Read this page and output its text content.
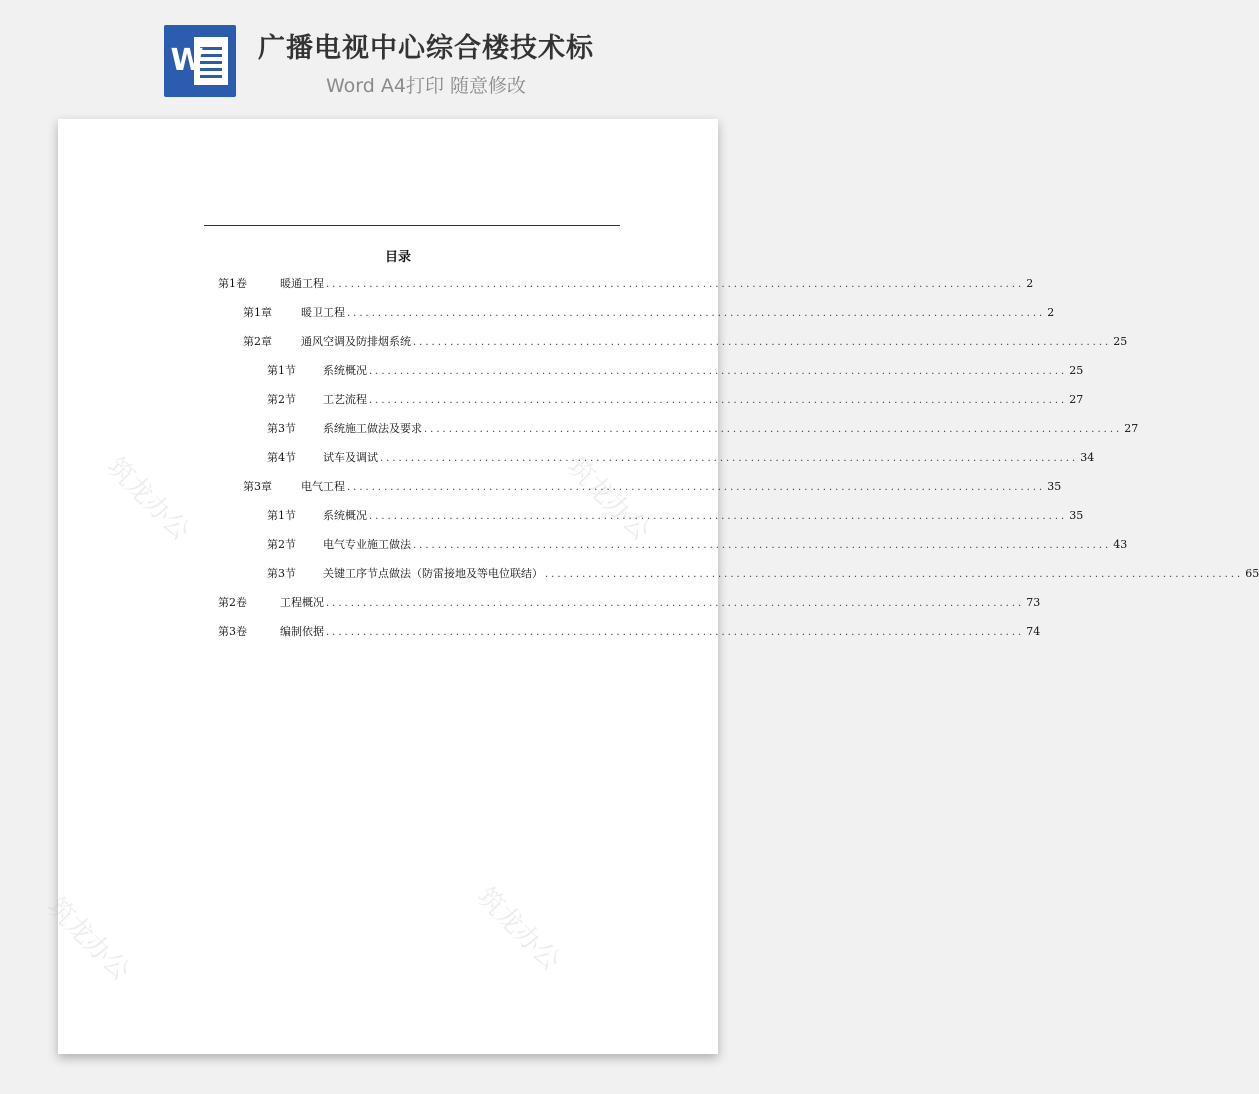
W 广播电视中心综合楼技术标
Word A4打印 随意修改
筑龙办公	筑龙办公
筑龙办公	筑龙办公
目录
第1卷	暖通工程 ................................................................................................................. 2
第1章	暖卫工程 ................................................................................................................. 2
第2章	通风空调及防排烟系统 ................................................................................................................. 25
第1节	系统概况 ................................................................................................................. 25
第2节	工艺流程 ................................................................................................................. 27
第3节	系统施工做法及要求 ................................................................................................................. 27
第4节	试车及调试 ................................................................................................................. 34
第3章	电气工程 ................................................................................................................. 35
第1节	系统概况 ................................................................................................................. 35
第2节	电气专业施工做法 ................................................................................................................. 43
第3节	关键工序节点做法（防雷接地及等电位联结） ................................................................................................................. 65
第2卷	工程概况 ................................................................................................................. 73
第3卷	编制依据 ................................................................................................................. 74
